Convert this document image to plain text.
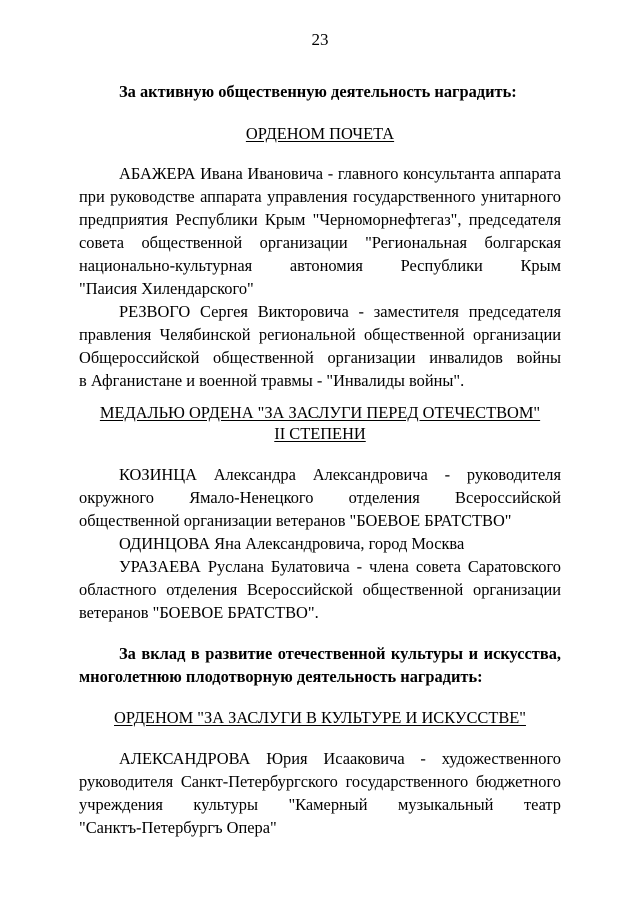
23
За активную общественную деятельность наградить:
ОРДЕНОМ ПОЧЕТА
АБАЖЕРА Ивана Ивановича - главного консультанта аппарата
при руководстве аппарата управления государственного унитарного
предприятия Республики Крым "Черноморнефтегаз", председателя
совета общественной организации "Региональная болгарская
национально-культурная автономия Республики Крым
"Паисия Хилендарского"
РЕЗВОГО Сергея Викторовича - заместителя председателя
правления Челябинской региональной общественной организации
Общероссийской общественной организации инвалидов войны
в Афганистане и военной травмы - "Инвалиды войны".
МЕДАЛЬЮ ОРДЕНА "ЗА ЗАСЛУГИ ПЕРЕД ОТЕЧЕСТВОМ"
II СТЕПЕНИ
КОЗИНЦА Александра Александровича - руководителя
окружного Ямало-Ненецкого отделения Всероссийской
общественной организации ветеранов "БОЕВОЕ БРАТСТВО"
ОДИНЦОВА Яна Александровича, город Москва
УРАЗАЕВА Руслана Булатовича - члена совета Саратовского
областного отделения Всероссийской общественной организации
ветеранов "БОЕВОЕ БРАТСТВО".
За вклад в развитие отечественной культуры и искусства,
многолетнюю плодотворную деятельность наградить:
ОРДЕНОМ "ЗА ЗАСЛУГИ В КУЛЬТУРЕ И ИСКУССТВЕ"
АЛЕКСАНДРОВА Юрия Исааковича - художественного
руководителя Санкт-Петербургского государственного бюджетного
учреждения культуры "Камерный музыкальный театр
"Санктъ-Петербургъ Опера"
